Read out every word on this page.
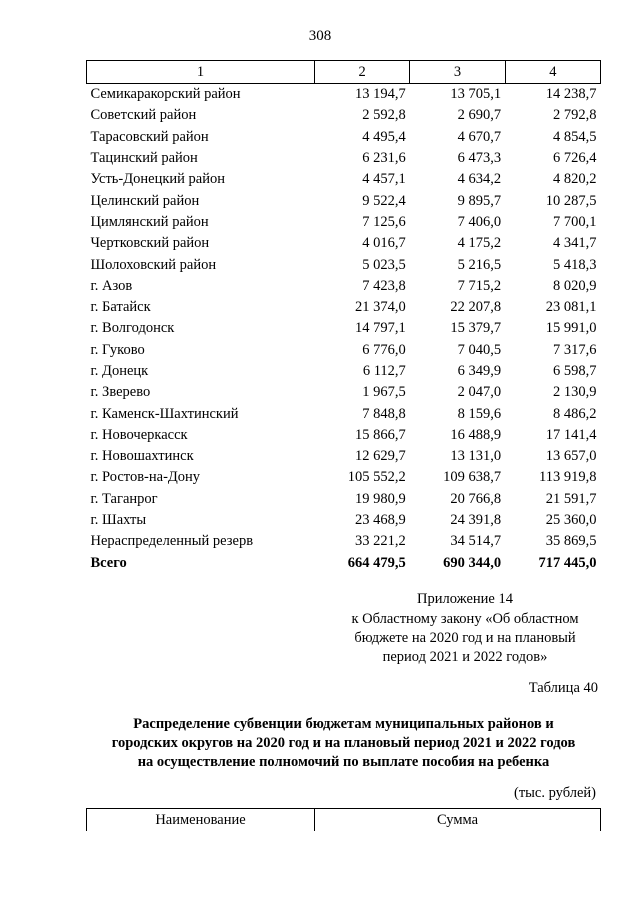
308
1	2	3	4
Семикаракорский район	13 194,7	13 705,1	14 238,7
Советский район	2 592,8	2 690,7	2 792,8
Тарасовский район	4 495,4	4 670,7	4 854,5
Тацинский район	6 231,6	6 473,3	6 726,4
Усть-Донецкий район	4 457,1	4 634,2	4 820,2
Целинский район	9 522,4	9 895,7	10 287,5
Цимлянский район	7 125,6	7 406,0	7 700,1
Чертковский район	4 016,7	4 175,2	4 341,7
Шолоховский район	5 023,5	5 216,5	5 418,3
г. Азов	7 423,8	7 715,2	8 020,9
г. Батайск	21 374,0	22 207,8	23 081,1
г. Волгодонск	14 797,1	15 379,7	15 991,0
г. Гуково	6 776,0	7 040,5	7 317,6
г. Донецк	6 112,7	6 349,9	6 598,7
г. Зверево	1 967,5	2 047,0	2 130,9
г. Каменск-Шахтинский	7 848,8	8 159,6	8 486,2
г. Новочеркасск	15 866,7	16 488,9	17 141,4
г. Новошахтинск	12 629,7	13 131,0	13 657,0
г. Ростов-на-Дону	105 552,2	109 638,7	113 919,8
г. Таганрог	19 980,9	20 766,8	21 591,7
г. Шахты	23 468,9	24 391,8	25 360,0
Нераспределенный резерв	33 221,2	34 514,7	35 869,5
Всего	664 479,5	690 344,0	717 445,0
Приложение 14
к Областному закону «Об областном
бюджете на 2020 год и на плановый
период 2021 и 2022 годов»
Таблица 40
Распределение субвенции бюджетам муниципальных районов и
городских округов на 2020 год и на плановый период 2021 и 2022 годов
на осуществление полномочий по выплате пособия на ребенка
(тыс. рублей)
Наименование	Сумма
